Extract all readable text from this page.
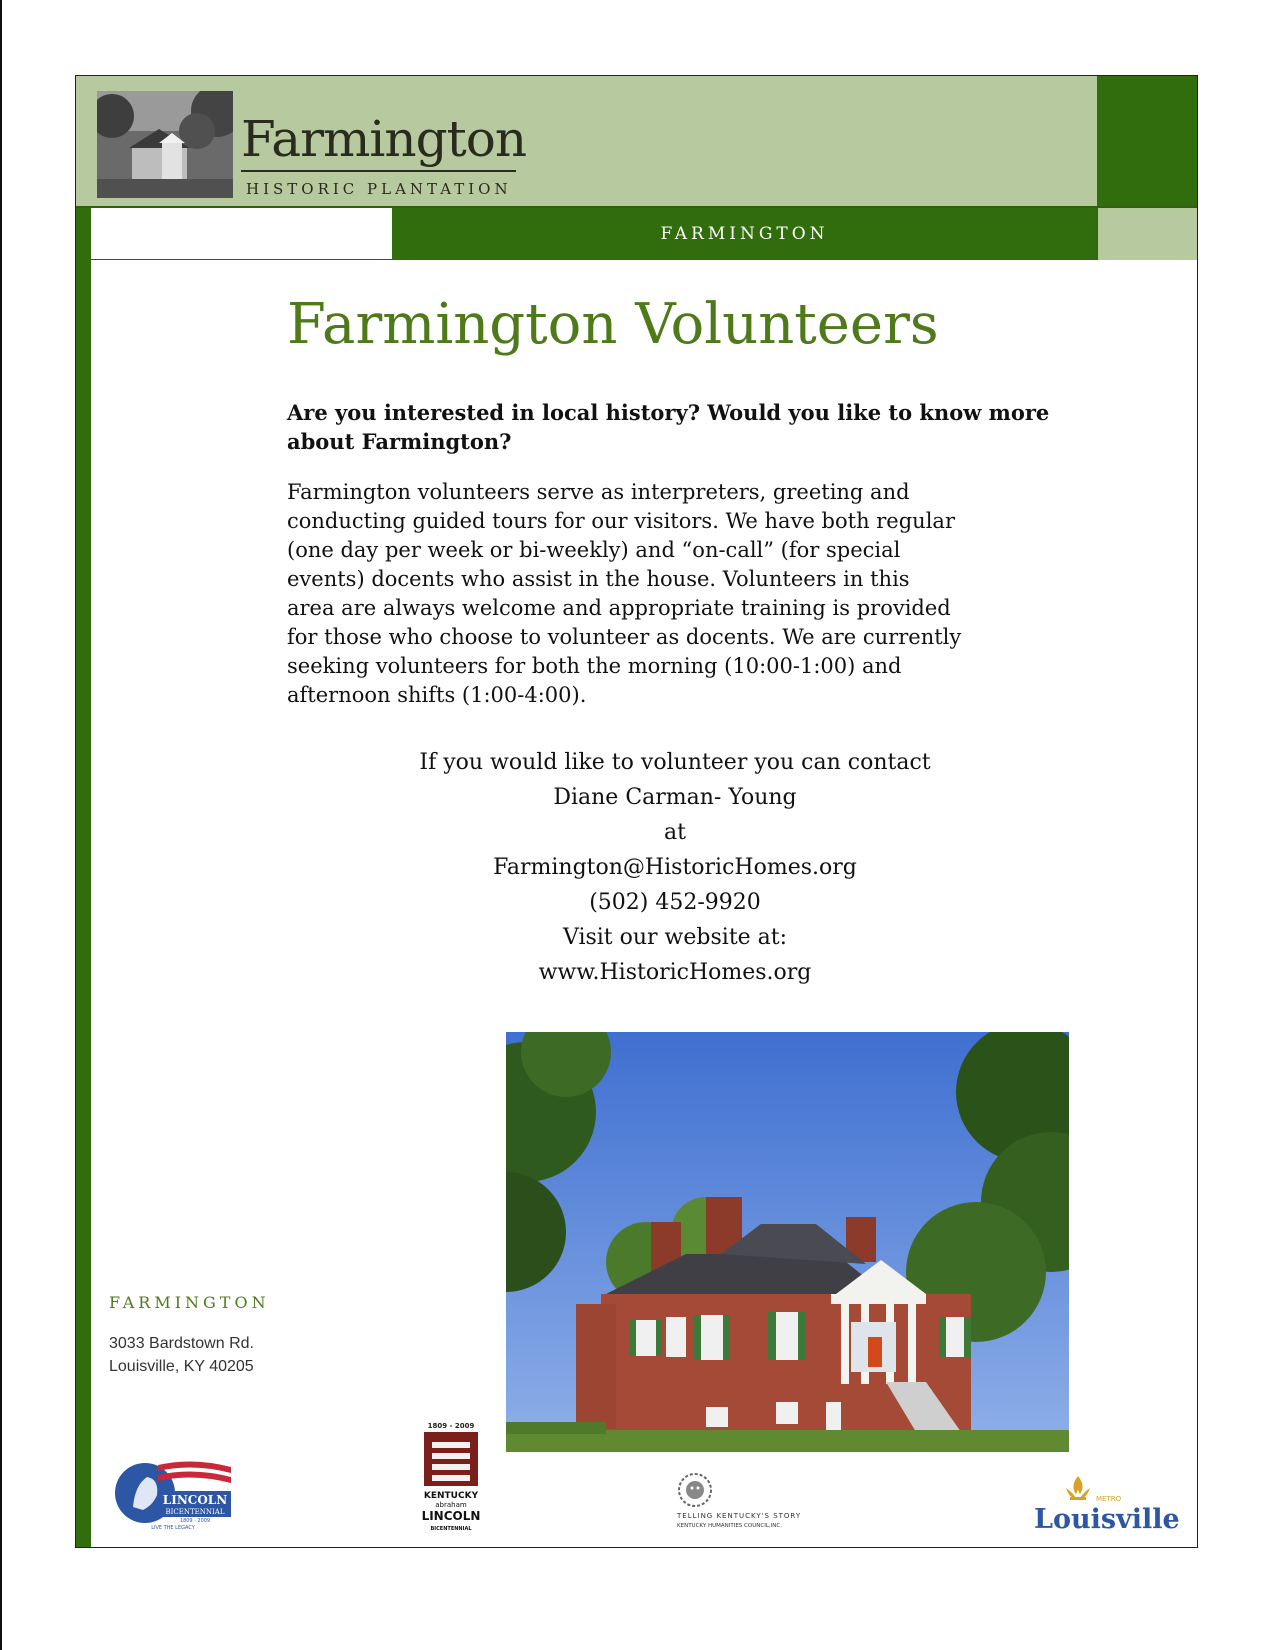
Farmington
HISTORIC PLANTATION
FARMINGTON
Farmington Volunteers
Are you interested in local history? Would you like to know more about Farmington?
Farmington volunteers serve as interpreters, greeting and
conducting guided tours for our visitors. We have both regular
(one day per week or bi-weekly) and “on-call” (for special
events) docents who assist in the house. Volunteers in this
area are always welcome and appropriate training is provided
for those who choose to volunteer as docents. We are currently
seeking volunteers for both the morning (10:00-1:00) and
afternoon shifts (1:00-4:00).
If you would like to volunteer you can contact
Diane Carman- Young
at
Farmington@HistoricHomes.org
(502) 452-9920
Visit our website at:
www.HistoricHomes.org
FARMINGTON
3033 Bardstown Rd.
Louisville, KY 40205
LINCOLN
BICENTENNIAL
1809 · 2009
LIVE THE LEGACY
1809 - 2009
KENTUCKY
abraham
LINCOLN
BICENTENNIAL
TELLING KENTUCKY'S STORY
KENTUCKY HUMANITIES COUNCIL,INC.
METRO
Louisville
